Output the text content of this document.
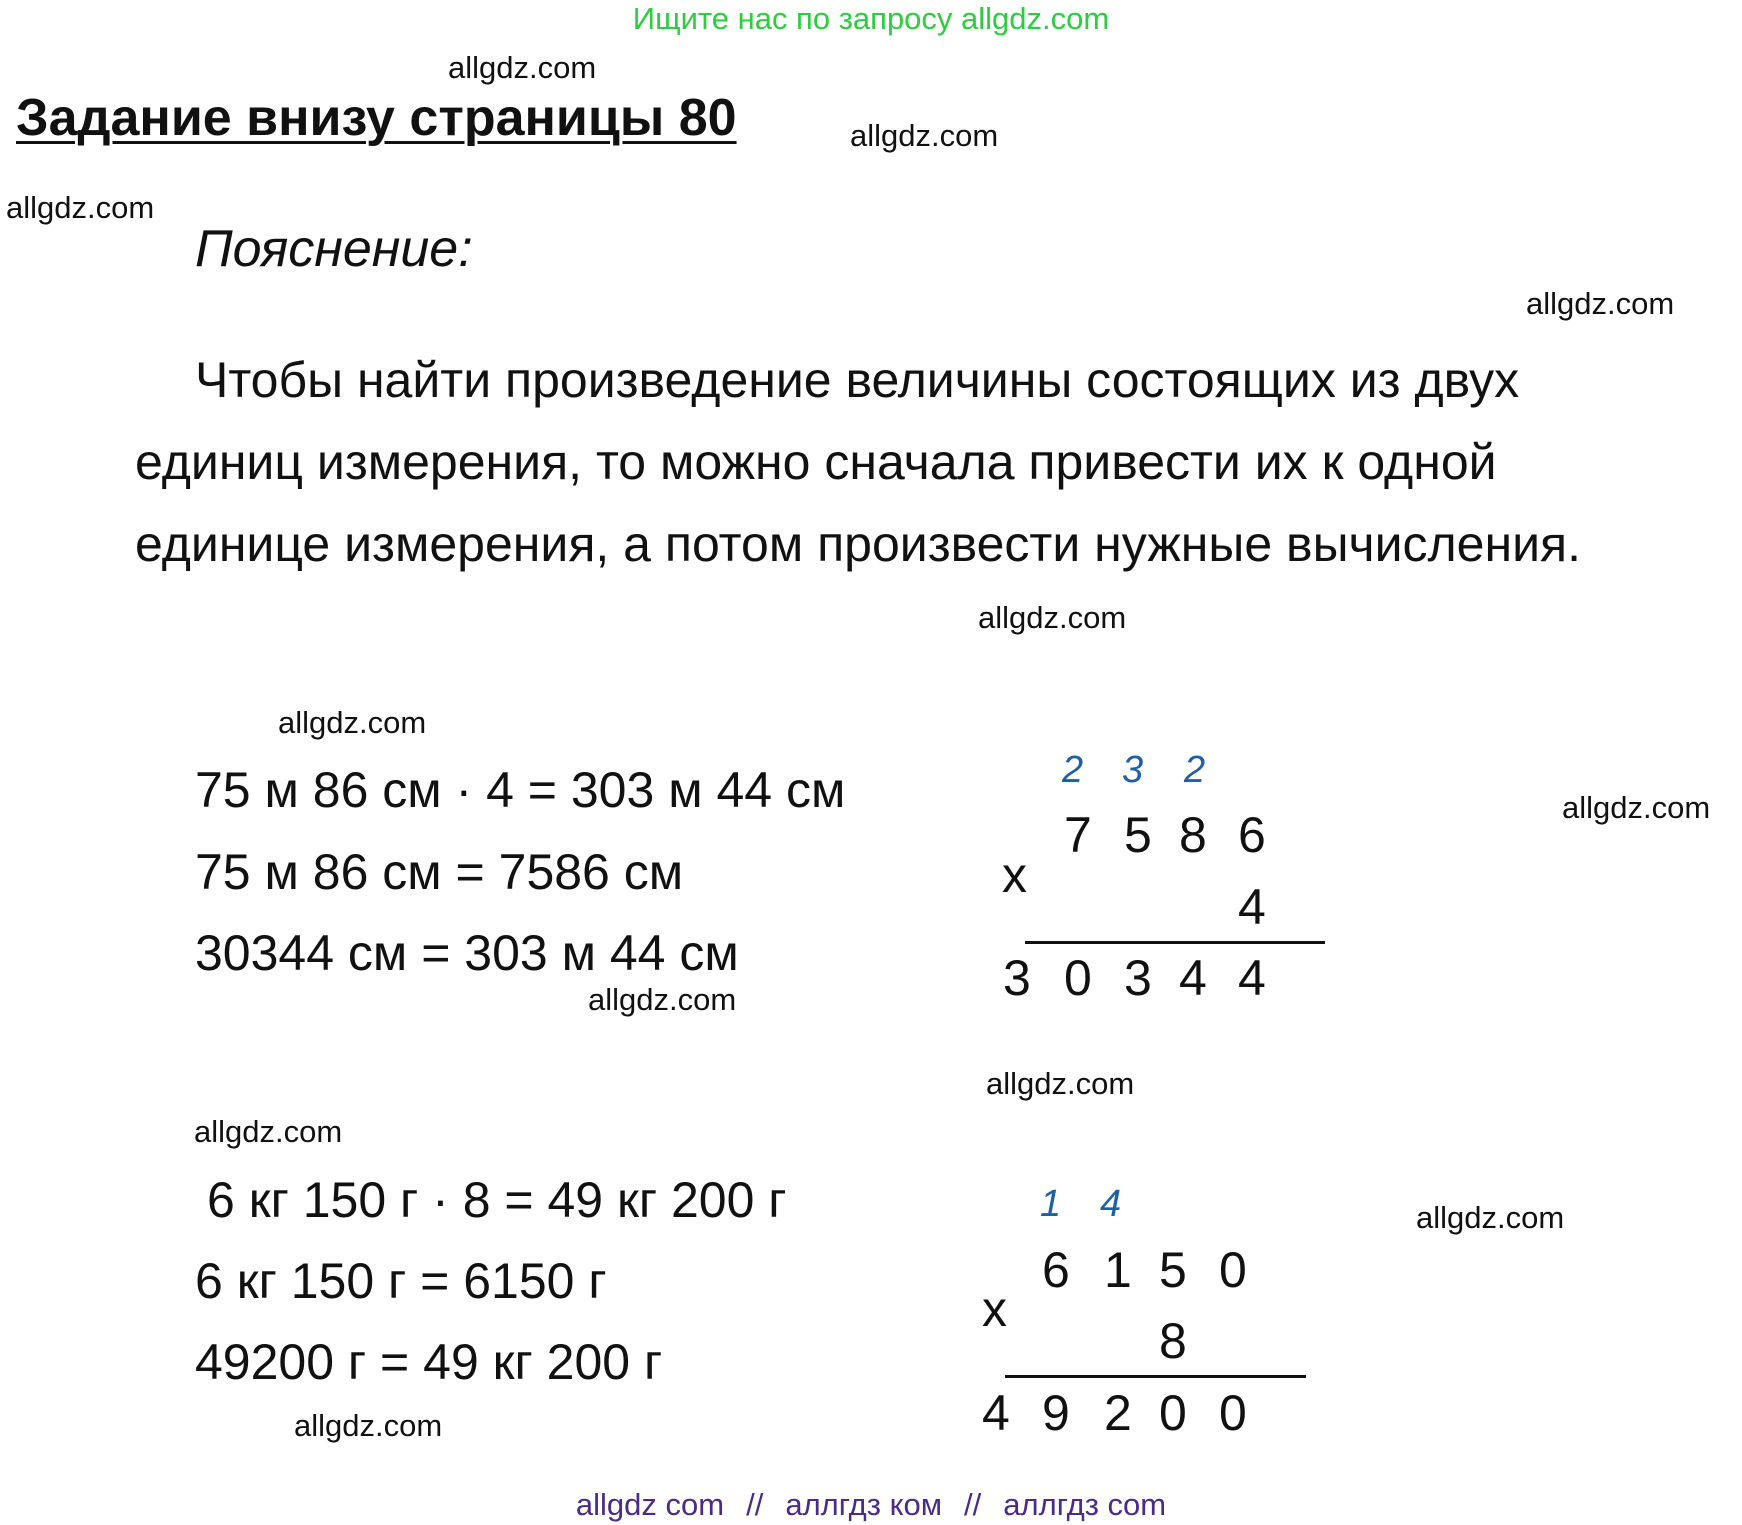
Ищите нас по запросу allgdz.com
allgdz.com
allgdz.com
allgdz.com
allgdz.com
allgdz.com
allgdz.com
allgdz.com
allgdz.com
allgdz.com
allgdz.com
allgdz.com
allgdz.com
Задание внизу страницы 80
Пояснение:
Чтобы найти произведение величины состоящих из двух
единиц измерения, то можно сначала привести их к одной
единице измерения, а потом произвести нужные вычисления.
75 м 86 см · 4 = 303 м 44 см
75 м 86 см = 7586 см
30344 см = 303 м 44 см
2 3 2
7 5 8 6
x
4
3 0 3 4 4
6 кг 150 г · 8 = 49 кг 200 г
6 кг 150 г = 6150 г
49200 г = 49 кг 200 г
1 4
6 1 5 0
x
8
4 9 2 0 0
allgdz com // аллгдз ком // аллгдз com
